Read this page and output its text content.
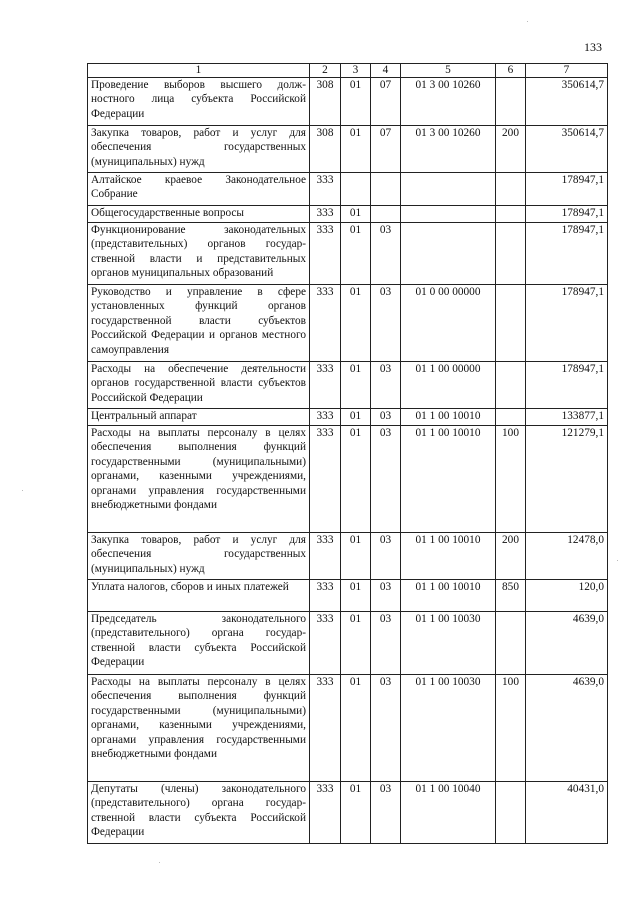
133
1	2	3	4	5	6	7
Проведение выборов высшего должностного лица субъекта Российской Федерации	308	01	07	01 3 00 10260		350614,7
Закупка товаров, работ и услуг для обеспечения государственных (муниципальных) нужд	308	01	07	01 3 00 10260	200	350614,7
Алтайское краевое Законодательное Собрание	333					178947,1
Общегосударственные вопросы	333	01				178947,1
Функционирование законодательных (представительных) органов государственной власти и представительных органов муниципальных образований	333	01	03			178947,1
Руководство и управление в сфере установленных функций органов государственной власти субъектов Российской Федерации и органов местного самоуправления	333	01	03	01 0 00 00000		178947,1
Расходы на обеспечение деятельности органов государственной власти субъектов Российской Федерации	333	01	03	01 1 00 00000		178947,1
Центральный аппарат	333	01	03	01 1 00 10010		133877,1
Расходы на выплаты персоналу в целях обеспечения выполнения функций государственными (муниципальными) органами, казенными учреждениями, органами управления государственными внебюджетными фондами	333	01	03	01 1 00 10010	100	121279,1
Закупка товаров, работ и услуг для обеспечения государственных (муниципальных) нужд	333	01	03	01 1 00 10010	200	12478,0
Уплата налогов, сборов и иных платежей	333	01	03	01 1 00 10010	850	120,0
Председатель законодательного (представительного) органа государственной власти субъекта Российской Федерации	333	01	03	01 1 00 10030		4639,0
Расходы на выплаты персоналу в целях обеспечения выполнения функций государственными (муниципальными) органами, казенными учреждениями, органами управления государственными внебюджетными фондами	333	01	03	01 1 00 10030	100	4639,0
Депутаты (члены) законодательного (представительного) органа государственной власти субъекта Российской Федерации	333	01	03	01 1 00 10040		40431,0
